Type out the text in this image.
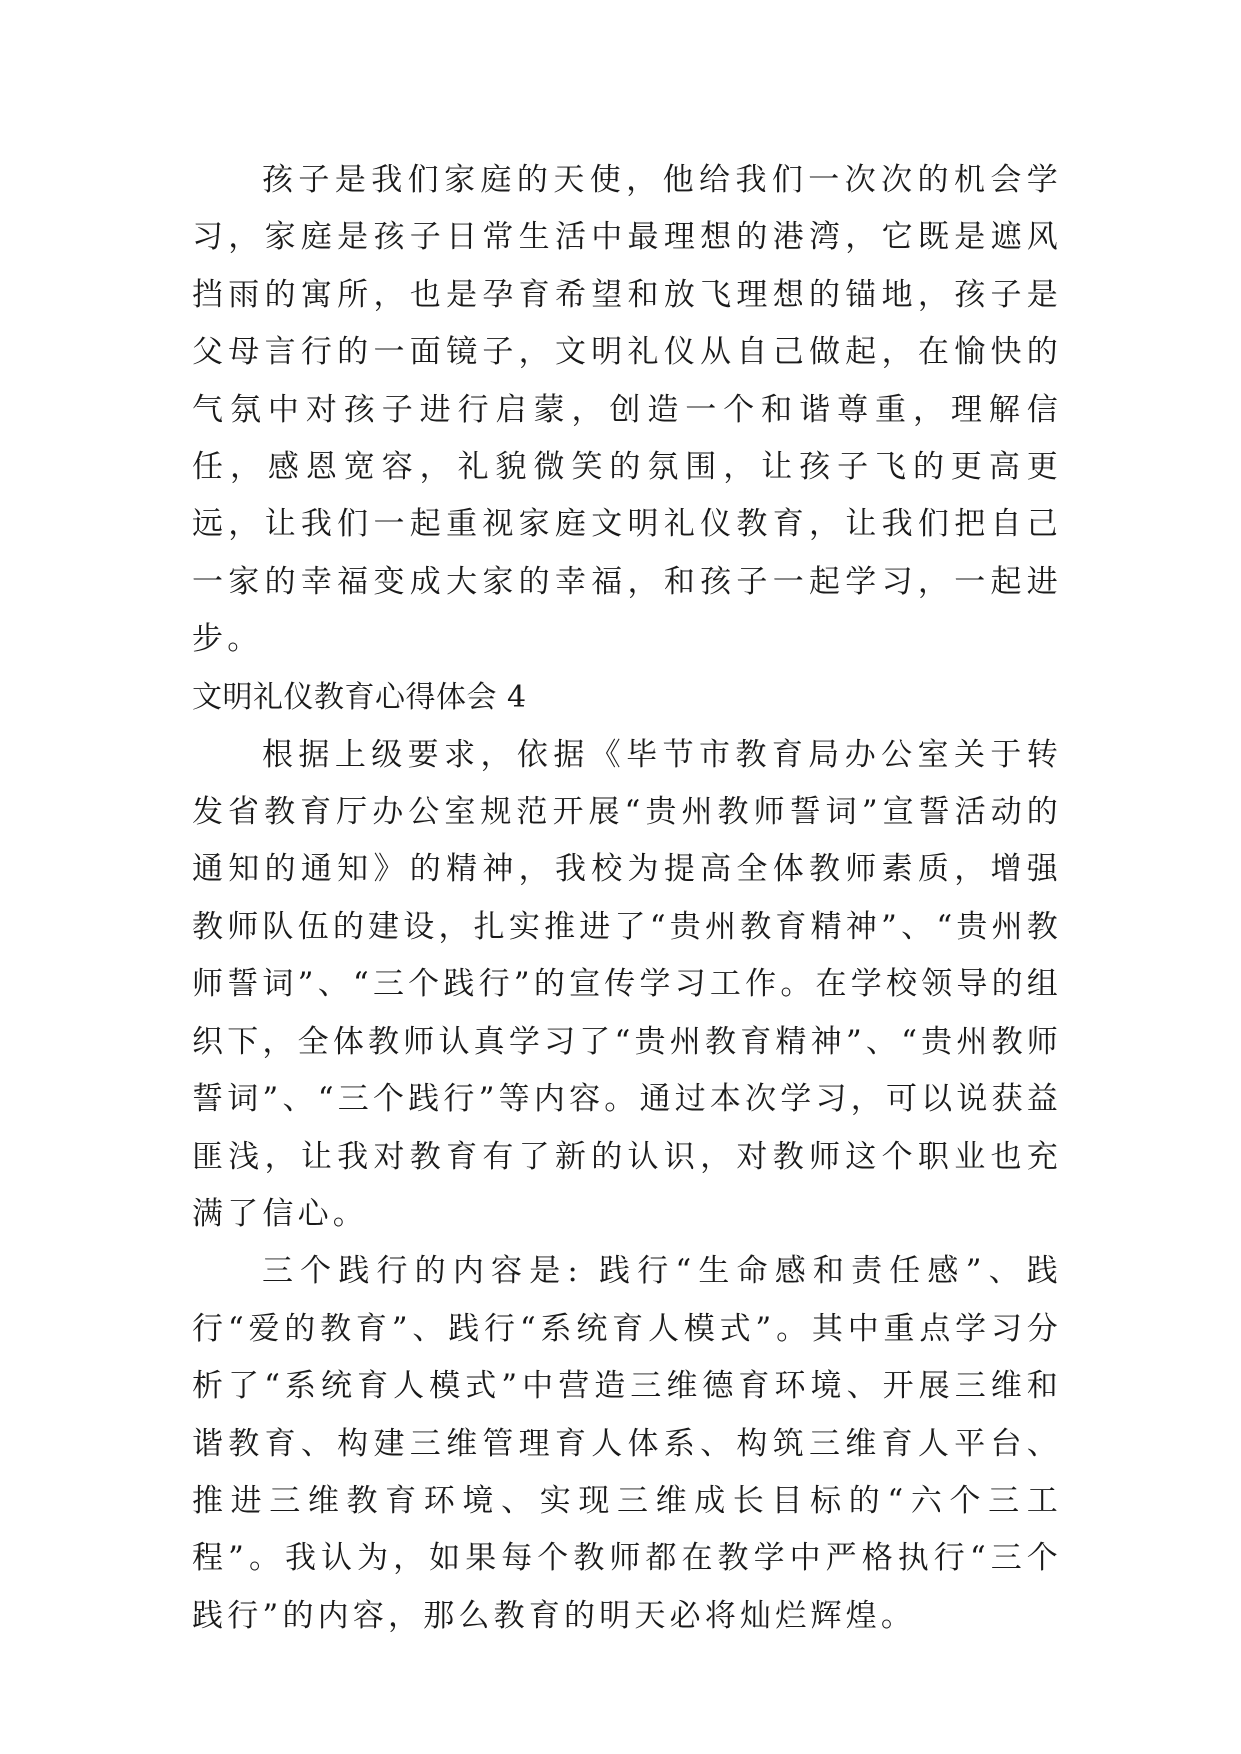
孩子是我们家庭的天使，他给我们一次次的机会学习，家庭是孩子日常生活中最理想的港湾，它既是遮风挡雨的寓所，也是孕育希望和放飞理想的锚地，孩子是父母言行的一面镜子，文明礼仪从自己做起，在愉快的气氛中对孩子进行启蒙，创造一个和谐尊重，理解信任，感恩宽容，礼貌微笑的氛围，让孩子飞的更高更远，让我们一起重视家庭文明礼仪教育，让我们把自己一家的幸福变成大家的幸福，和孩子一起学习，一起进步。

文明礼仪教育心得体会 4

根据上级要求，依据《毕节市教育局办公室关于转发省教育厅办公室规范开展“贵州教师誓词”宣誓活动的通知的通知》的精神，我校为提高全体教师素质，增强教师队伍的建设，扎实推进了“贵州教育精神”、“贵州教师誓词”、“三个践行”的宣传学习工作。在学校领导的组织下，全体教师认真学习了“贵州教育精神”、“贵州教师誓词”、“三个践行”等内容。通过本次学习，可以说获益匪浅，让我对教育有了新的认识，对教师这个职业也充满了信心。

三个践行的内容是: 践行“生命感和责任感”、践行“爱的教育”、践行“系统育人模式”。其中重点学习分析了“系统育人模式”中营造三维德育环境、开展三维和谐教育、构建三维管理育人体系、构筑三维育人平台、推进三维教育环境、实现三维成长目标的“六个三工程”。我认为，如果每个教师都在教学中严格执行“三个践行”的内容，那么教育的明天必将灿烂辉煌。
